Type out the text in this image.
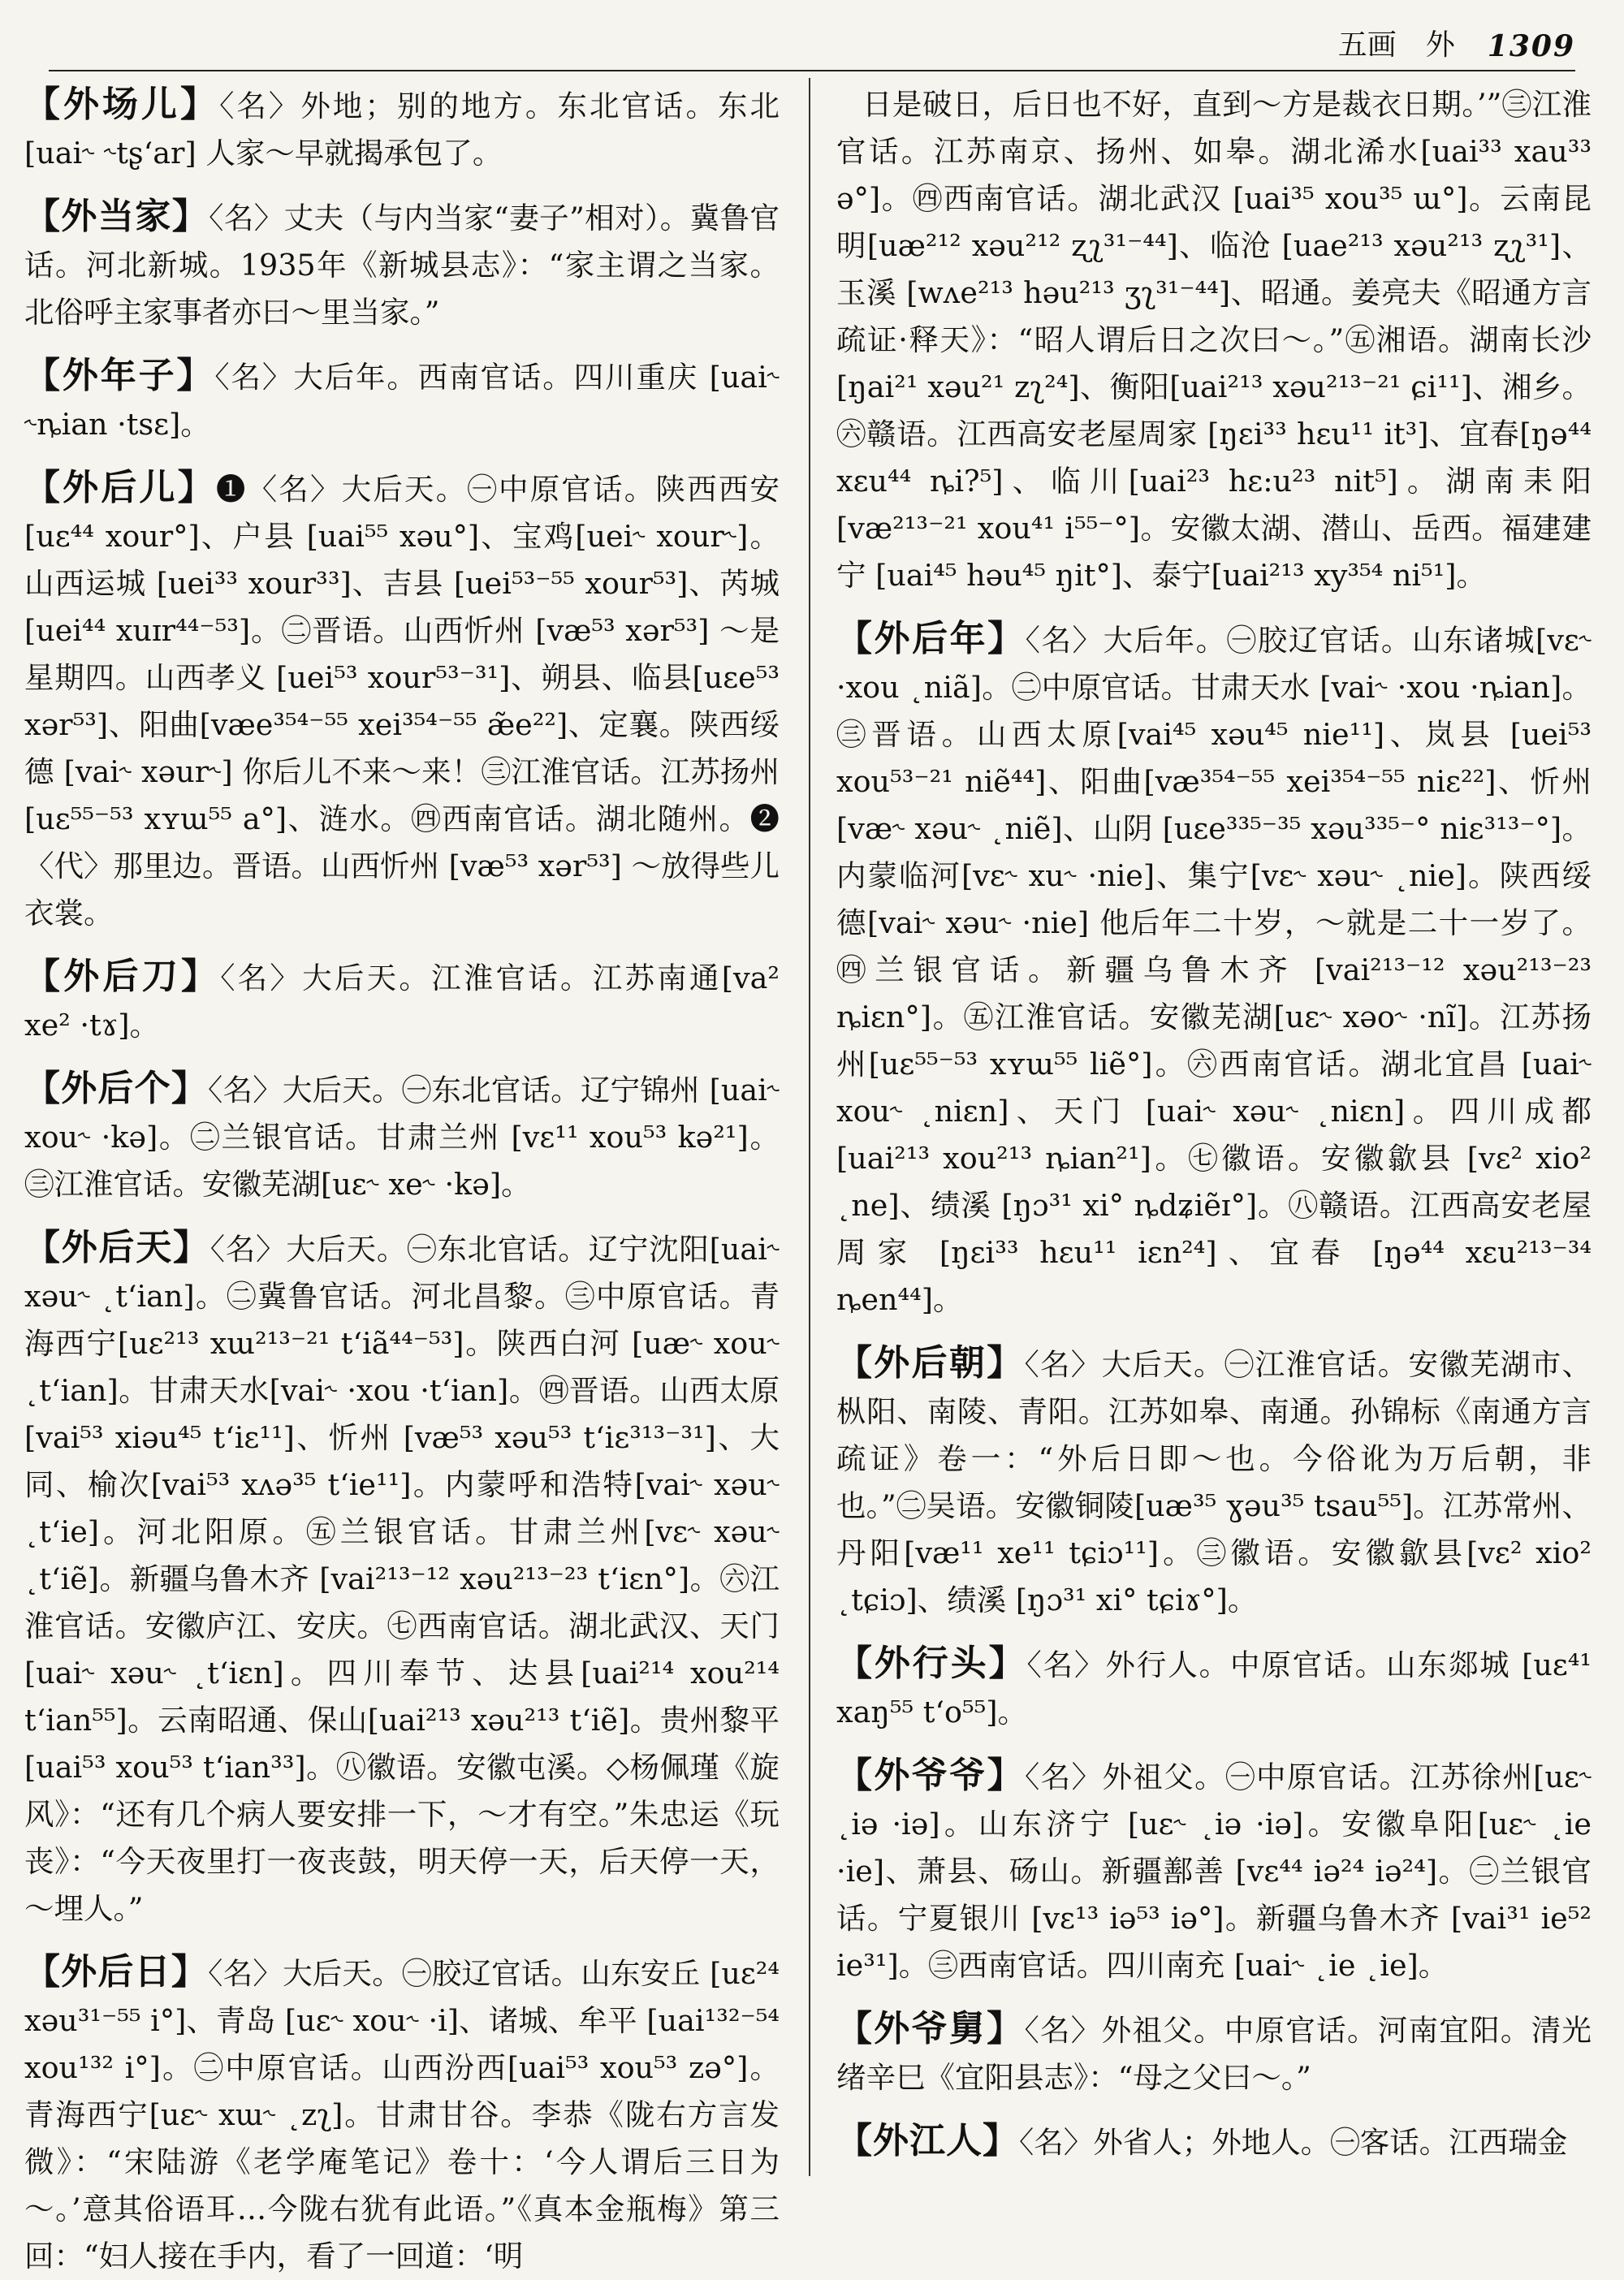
五画　外 1309

【外场儿】〈名〉外地；别的地方。东北官话。东北 [uai˞ ˞tʂ‘ar] 人家～早就揭承包了。

【外当家】〈名〉丈夫（与内当家“妻子”相对）。冀鲁官话。河北新城。1935年《新城县志》：“家主谓之当家。北俗呼主家事者亦曰～里当家。”

【外年子】〈名〉大后年。西南官话。四川重庆 [uai˞ ˞ȵian ·tsɛ]。

【外后儿】❶〈名〉大后天。㊀中原官话。陕西西安[uɛ⁴⁴ xour°]、户县 [uai⁵⁵ xəu°]、宝鸡[uei˞ xour˞]。山西运城 [uei³³ xour³³]、吉县 [uei⁵³⁻⁵⁵ xour⁵³]、芮城[uei⁴⁴ xuɪr⁴⁴⁻⁵³]。㊁晋语。山西忻州 [væ⁵³ xər⁵³] ～是星期四。山西孝义 [uei⁵³ xour⁵³⁻³¹]、朔县、临县[uɛe⁵³ xər⁵³]、阳曲[væe³⁵⁴⁻⁵⁵ xei³⁵⁴⁻⁵⁵ æ̃e²²]、定襄。陕西绥德 [vai˞ xəur˞] 你后儿不来～来！㊂江淮官话。江苏扬州[uɛ⁵⁵⁻⁵³ xʏɯ⁵⁵ a°]、涟水。㊃西南官话。湖北随州。❷〈代〉那里边。晋语。山西忻州 [væ⁵³ xər⁵³] ～放得些儿衣裳。

【外后刀】〈名〉大后天。江淮官话。江苏南通[va² xe² ·tɤ]。

【外后个】〈名〉大后天。㊀东北官话。辽宁锦州 [uai˞ xou˞ ·kə]。㊁兰银官话。甘肃兰州 [vɛ¹¹ xou⁵³ kə²¹]。㊂江淮官话。安徽芜湖[uɛ˞ xe˞ ·kə]。

【外后天】〈名〉大后天。㊀东北官话。辽宁沈阳[uai˞ xəu˞ ˛t‘ian]。㊁冀鲁官话。河北昌黎。㊂中原官话。青海西宁[uɛ²¹³ xɯ²¹³⁻²¹ t‘iã⁴⁴⁻⁵³]。陕西白河 [uæ˞ xou˞ ˛t‘ian]。甘肃天水[vai˞ ·xou ·t‘ian]。㊃晋语。山西太原[vai⁵³ xiəu⁴⁵ t‘iɛ¹¹]、忻州 [væ⁵³ xəu⁵³ t‘iɛ³¹³⁻³¹]、大同、榆次[vai⁵³ xʌə³⁵ t‘ie¹¹]。内蒙呼和浩特[vai˞ xəu˞ ˛t‘ie]。河北阳原。㊄兰银官话。甘肃兰州[vɛ˞ xəu˞ ˛t‘iẽ]。新疆乌鲁木齐 [vai²¹³⁻¹² xəu²¹³⁻²³ t‘iɛn°]。㊅江淮官话。安徽庐江、安庆。㊆西南官话。湖北武汉、天门[uai˞ xəu˞ ˛t‘iɛn]。四川奉节、达县[uai²¹⁴ xou²¹⁴ t‘ian⁵⁵]。云南昭通、保山[uai²¹³ xəu²¹³ t‘iẽ]。贵州黎平[uai⁵³ xou⁵³ t‘ian³³]。㊇徽语。安徽屯溪。◇杨佩瑾《旋风》：“还有几个病人要安排一下，～才有空。”朱忠运《玩丧》：“今天夜里打一夜丧鼓，明天停一天，后天停一天，～埋人。”

【外后日】〈名〉大后天。㊀胶辽官话。山东安丘 [uɛ²⁴ xəu³¹⁻⁵⁵ i°]、青岛 [uɛ˞ xou˞ ·i]、诸城、牟平 [uai¹³²⁻⁵⁴ xou¹³² i°]。㊁中原官话。山西汾西[uai⁵³ xou⁵³ zə°]。青海西宁[uɛ˞ xɯ˞ ˛zʅ]。甘肃甘谷。李恭《陇右方言发微》：“宋陆游《老学庵笔记》卷十：‘今人谓后三日为～。’意其俗语耳…今陇右犹有此语。”《真本金瓶梅》第三回：“妇人接在手内，看了一回道：‘明

日是破日，后日也不好，直到～方是裁衣日期。’”㊂江淮官话。江苏南京、扬州、如皋。湖北浠水[uai³³ xau³³ ə°]。㊃西南官话。湖北武汉 [uai³⁵ xou³⁵ ɯ°]。云南昆明[uæ²¹² xəu²¹² ʐʅ³¹⁻⁴⁴]、临沧 [uae²¹³ xəu²¹³ ʐʅ³¹]、玉溪 [wʌe²¹³ həu²¹³ ʒʅ³¹⁻⁴⁴]、昭通。姜亮夫《昭通方言疏证·释天》：“昭人谓后日之次曰～。”㊄湘语。湖南长沙[ŋai²¹ xəu²¹ zʅ²⁴]、衡阳[uai²¹³ xəu²¹³⁻²¹ ɕi¹¹]、湘乡。㊅赣语。江西高安老屋周家 [ŋɛi³³ hɛu¹¹ it³]、宜春[ŋə⁴⁴ xɛu⁴⁴ ȵi?⁵]、临川[uai²³ hɛ:u²³ nit⁵]。湖南耒阳 [væ²¹³⁻²¹ xou⁴¹ i⁵⁵⁻°]。安徽太湖、潜山、岳西。福建建宁 [uai⁴⁵ həu⁴⁵ ŋit°]、泰宁[uai²¹³ xy³⁵⁴ ni⁵¹]。

【外后年】〈名〉大后年。㊀胶辽官话。山东诸城[vɛ˞ ·xou ˛niã]。㊁中原官话。甘肃天水 [vai˞ ·xou ·ȵian]。㊂晋语。山西太原[vai⁴⁵ xəu⁴⁵ nie¹¹]、岚县 [uei⁵³ xou⁵³⁻²¹ niẽ⁴⁴]、阳曲[væ³⁵⁴⁻⁵⁵ xei³⁵⁴⁻⁵⁵ niɛ²²]、忻州 [væ˞ xəu˞ ˛niẽ]、山阴 [uɛe³³⁵⁻³⁵ xəu³³⁵⁻° niɛ³¹³⁻°]。内蒙临河[vɛ˞ xu˞ ·nie]、集宁[vɛ˞ xəu˞ ˛nie]。陕西绥德[vai˞ xəu˞ ·nie] 他后年二十岁，～就是二十一岁了。㊃兰银官话。新疆乌鲁木齐 [vai²¹³⁻¹² xəu²¹³⁻²³ ȵiɛn°]。㊄江淮官话。安徽芜湖[uɛ˞ xəo˞ ·nĩ]。江苏扬州[uɛ⁵⁵⁻⁵³ xʏɯ⁵⁵ liẽ°]。㊅西南官话。湖北宜昌 [uai˞ xou˞ ˛niɛn]、天门 [uai˞ xəu˞ ˛niɛn]。四川成都 [uai²¹³ xou²¹³ ȵian²¹]。㊆徽语。安徽歙县 [vɛ² xio² ˛ne]、绩溪 [ŋɔ³¹ xi° ȵdʑiẽɪ°]。㊇赣语。江西高安老屋周家 [ŋɛi³³ hɛu¹¹ iɛn²⁴]、宜春 [ŋə⁴⁴ xɛu²¹³⁻³⁴ ȵen⁴⁴]。

【外后朝】〈名〉大后天。㊀江淮官话。安徽芜湖市、枞阳、南陵、青阳。江苏如皋、南通。孙锦标《南通方言疏证》卷一：“外后日即～也。今俗讹为万后朝，非也。”㊁吴语。安徽铜陵[uæ³⁵ ɣəu³⁵ tsau⁵⁵]。江苏常州、丹阳[væ¹¹ xe¹¹ tɕiɔ¹¹]。㊂徽语。安徽歙县[vɛ² xio² ˛tɕiɔ]、绩溪 [ŋɔ³¹ xi° tɕiɤ°]。

【外行头】〈名〉外行人。中原官话。山东郯城 [uɛ⁴¹ xaŋ⁵⁵ t‘o⁵⁵]。

【外爷爷】〈名〉外祖父。㊀中原官话。江苏徐州[uɛ˞ ˛iə ·iə]。山东济宁 [uɛ˞ ˛iə ·iə]。安徽阜阳[uɛ˞ ˛ie ·ie]、萧县、砀山。新疆鄯善 [vɛ⁴⁴ iə²⁴ iə²⁴]。㊁兰银官话。宁夏银川 [vɛ¹³ iə⁵³ iə°]。新疆乌鲁木齐 [vai³¹ ie⁵² ie³¹]。㊂西南官话。四川南充 [uai˞ ˛ie ˛ie]。

【外爷舅】〈名〉外祖父。中原官话。河南宜阳。清光绪辛巳《宜阳县志》：“母之父曰～。”

【外江人】〈名〉外省人；外地人。㊀客话。江西瑞金
